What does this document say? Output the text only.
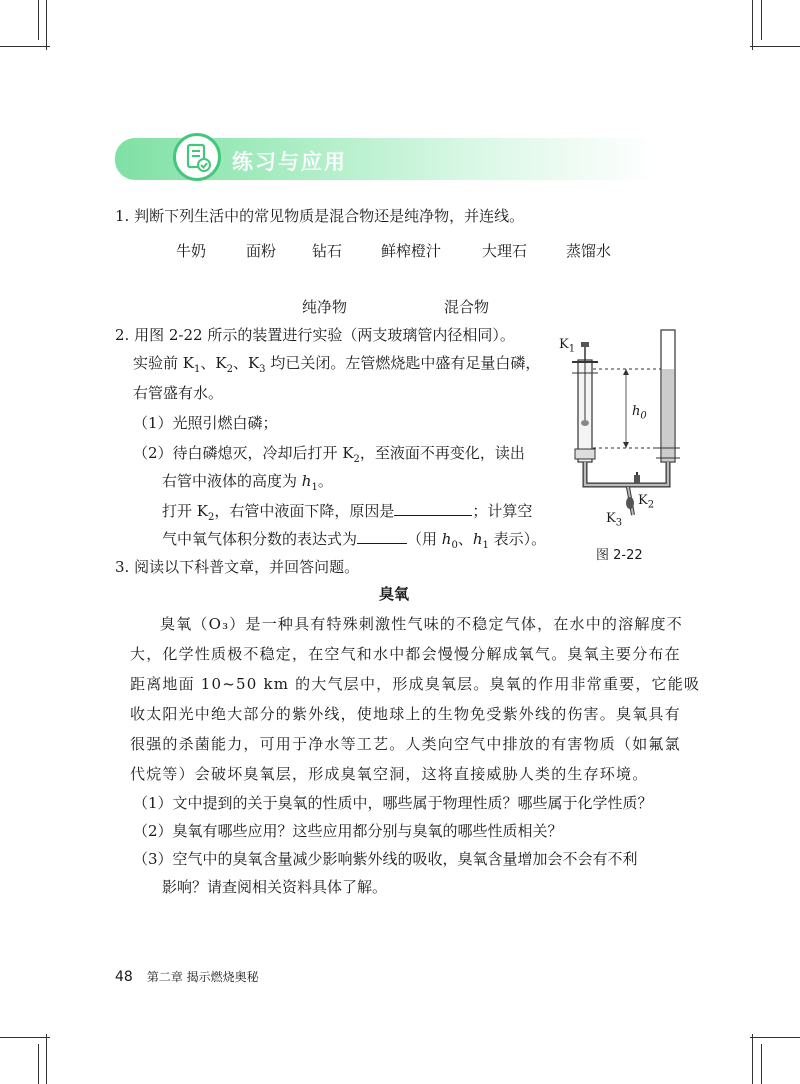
练习与应用
1. 判断下列生活中的常见物质是混合物还是纯净物，并连线。
牛奶	面粉 钻石	鲜榨橙汁	大理石	蒸馏水
纯净物	混合物
2. 用图 2-22 所示的装置进行实验（两支玻璃管内径相同）。
实验前 $K_1$、$K_2$、$K_3$ 均已关闭。左管燃烧匙中盛有足量白磷，
右管盛有水。
（1）光照引燃白磷；
（2）待白磷熄灭，冷却后打开 $K_2$，至液面不再变化，读出
右管中液体的高度为 $h_1$。
打开 $K_2$，右管中液面下降，原因是	；计算空
气中氧气体积分数的表达式为	（用 $h_0$、$h_1$ 表示）。
$K_1$
$h_0$
$K_2$
$K_3$
图 2-22
3. 阅读以下科普文章，并回答问题。
臭氧
臭氧（O₃）是一种具有特殊刺激性气味的不稳定气体，在水中的溶解度不
大，化学性质极不稳定，在空气和水中都会慢慢分解成氧气。臭氧主要分布在
距离地面 10~50 km 的大气层中，形成臭氧层。臭氧的作用非常重要，它能吸
收太阳光中绝大部分的紫外线，使地球上的生物免受紫外线的伤害。臭氧具有
很强的杀菌能力，可用于净水等工艺。人类向空气中排放的有害物质（如氟氯
代烷等）会破坏臭氧层，形成臭氧空洞，这将直接威胁人类的生存环境。
（1）文中提到的关于臭氧的性质中，哪些属于物理性质？哪些属于化学性质？
（2）臭氧有哪些应用？这些应用都分别与臭氧的哪些性质相关？
（3）空气中的臭氧含量减少影响紫外线的吸收，臭氧含量增加会不会有不利
影响？请查阅相关资料具体了解。
48 第二章 揭示燃烧奥秘
